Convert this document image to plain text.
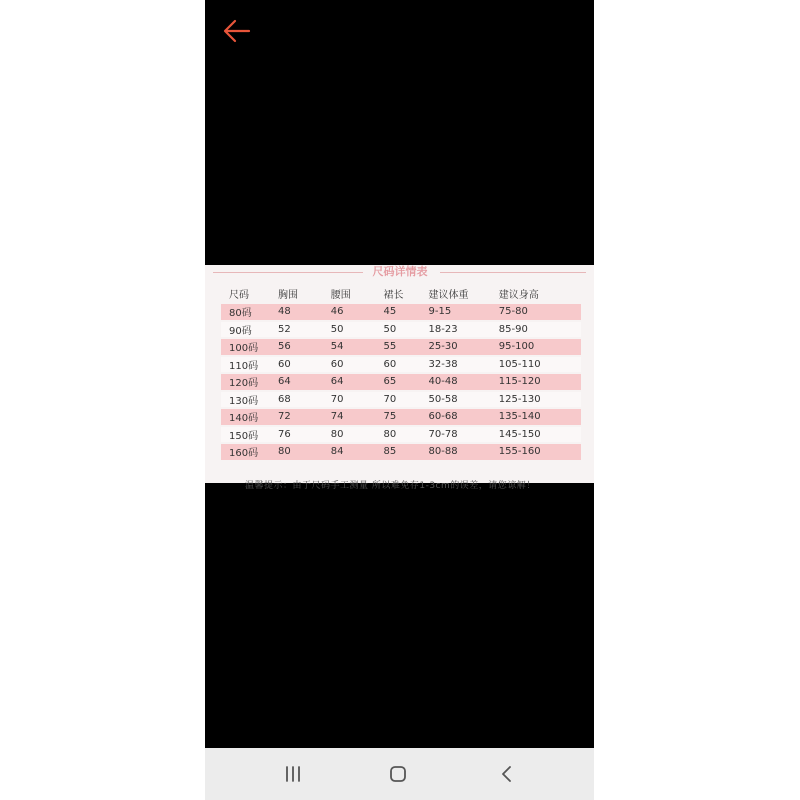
尺码详情表
尺码	胸围	腰围	裙长	建议体重	建议身高
80码	48	46	45	9-15	75-80
90码	52	50	50	18-23	85-90
100码	56	54	55	25-30	95-100
110码	60	60	60	32-38	105-110
120码	64	64	65	40-48	115-120
130码	68	70	70	50-58	125-130
140码	72	74	75	60-68	135-140
150码	76	80	80	70-78	145-150
160码	80	84	85	80-88	155-160
温馨提示：由于尺码手工测量 所以难免存1-3cm的误差，请您谅解！
